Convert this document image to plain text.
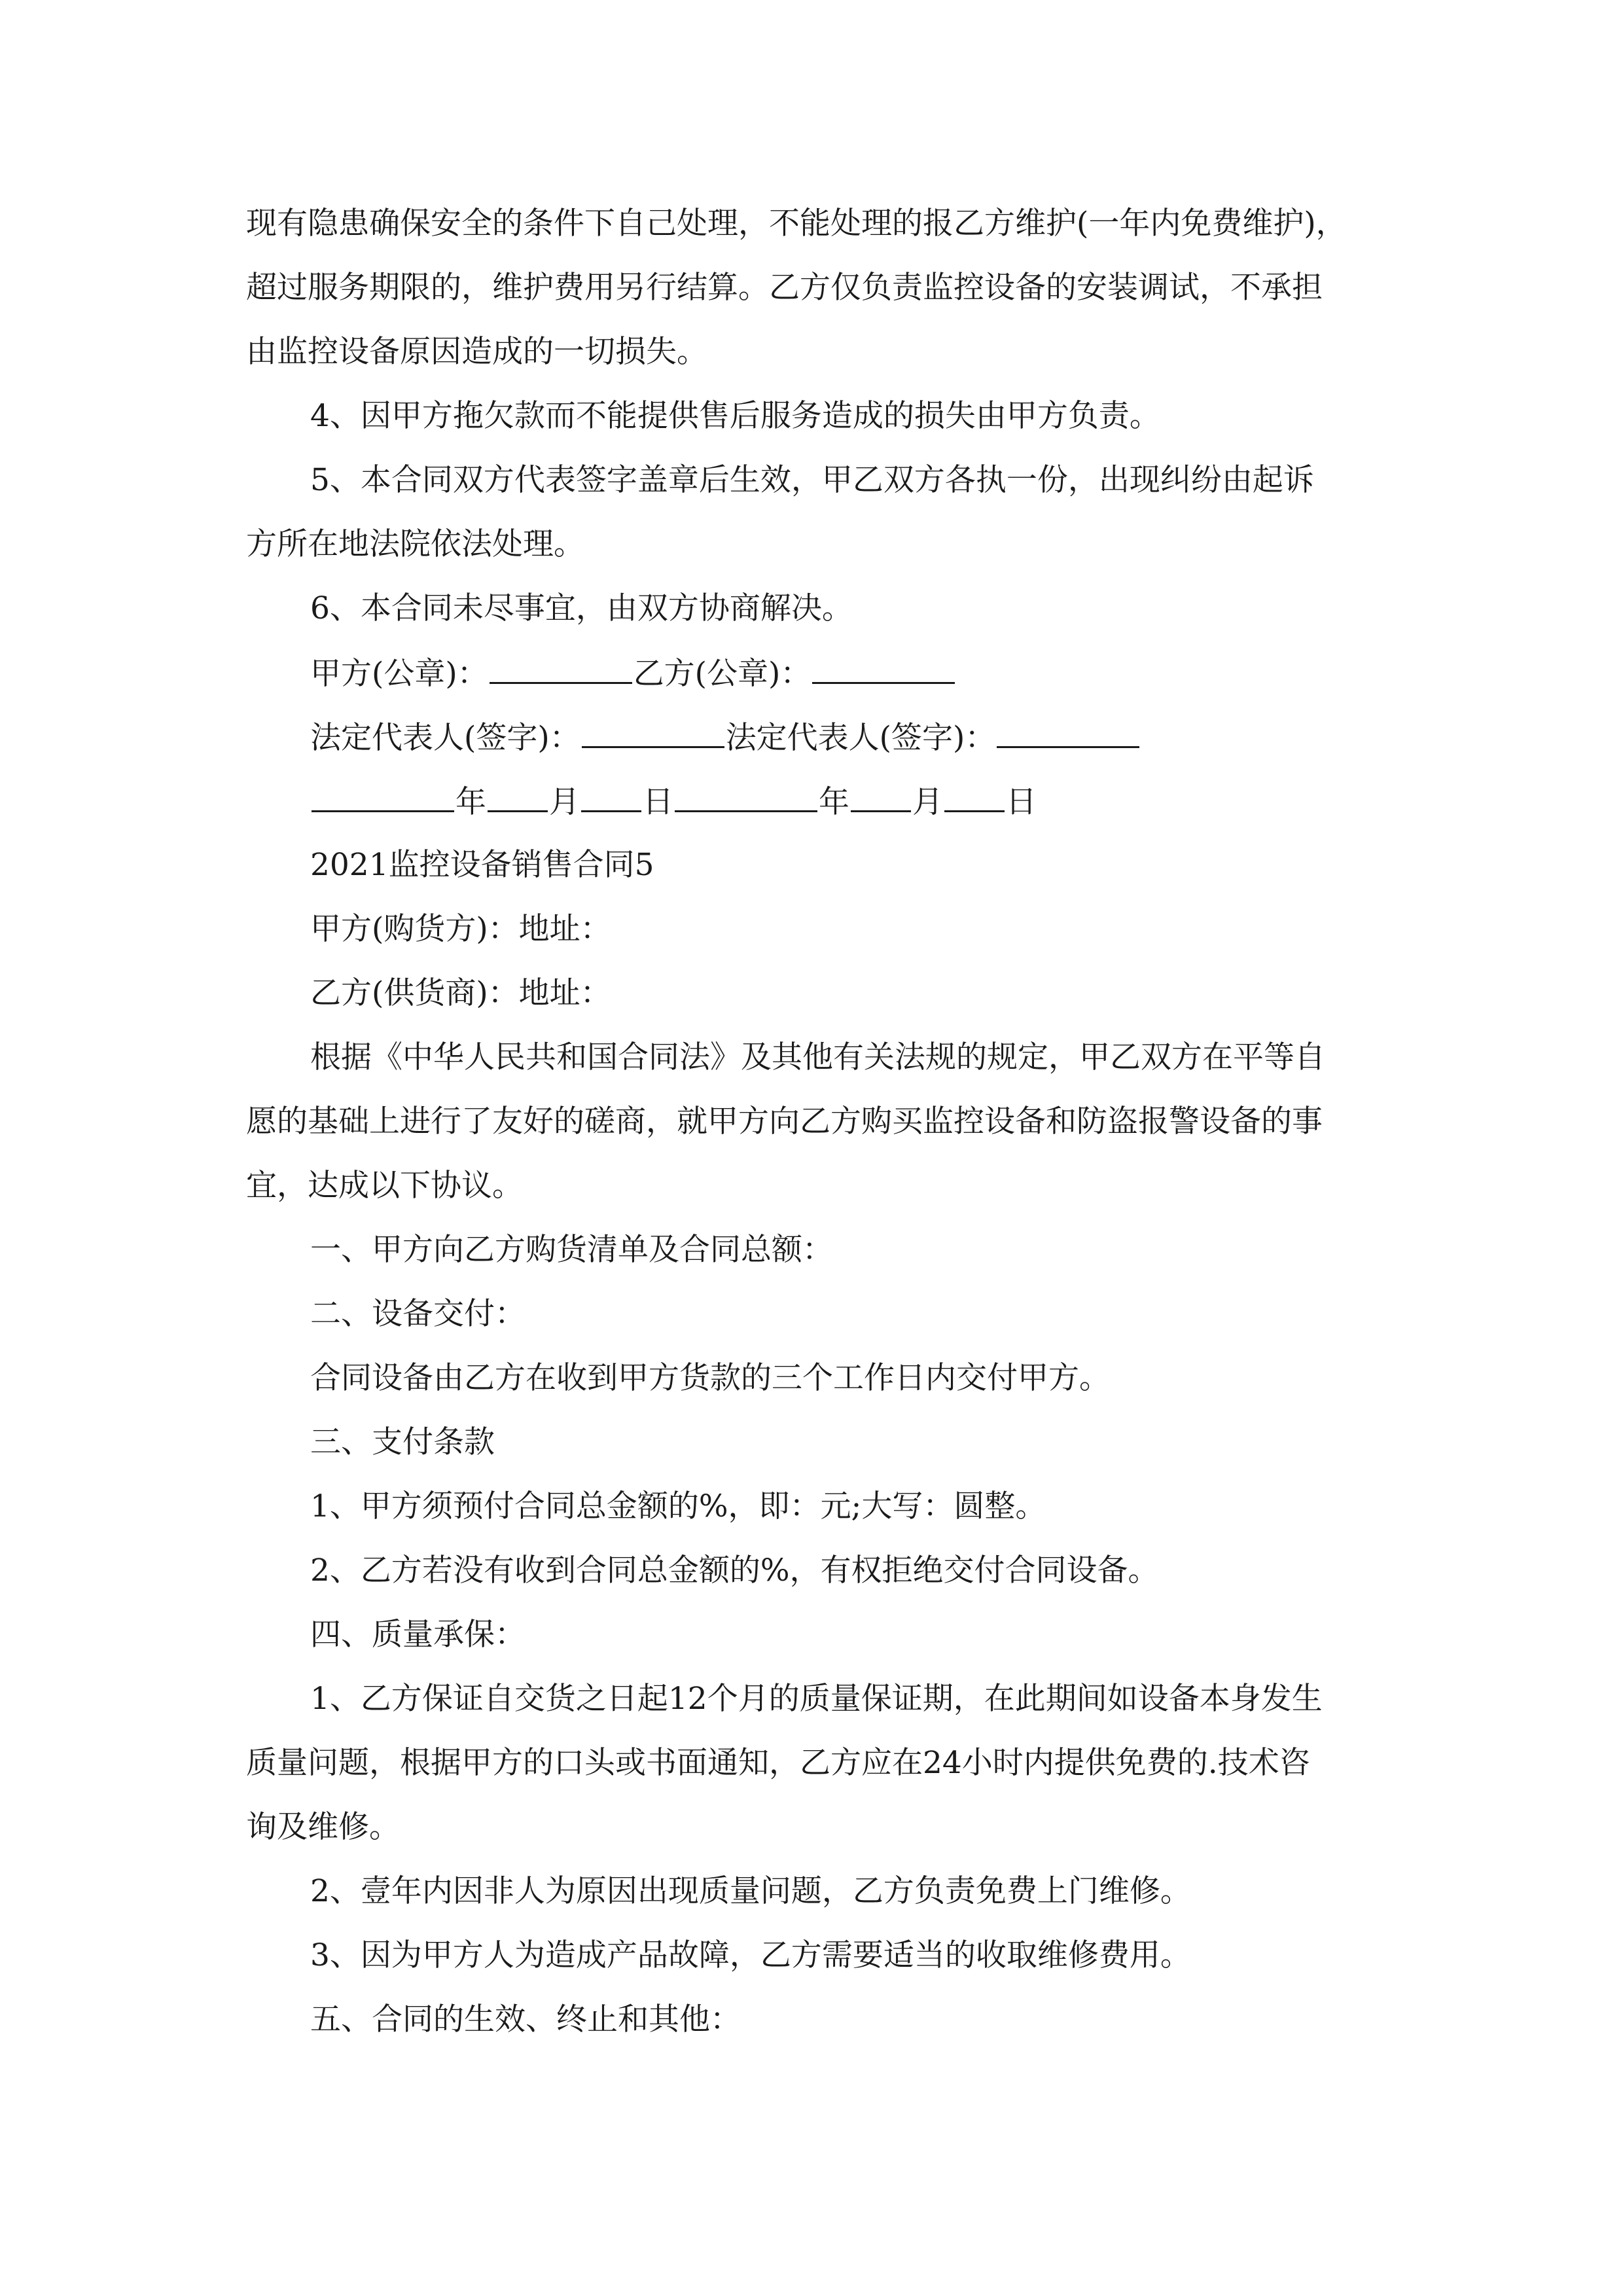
现有隐患确保安全的条件下自己处理，不能处理的报乙方维护(一年内免费维护)，
超过服务期限的，维护费用另行结算。乙方仅负责监控设备的安装调试，不承担
由监控设备原因造成的一切损失。
4、因甲方拖欠款而不能提供售后服务造成的损失由甲方负责。
5、本合同双方代表签字盖章后生效，甲乙双方各执一份，出现纠纷由起诉
方所在地法院依法处理。
6、本合同未尽事宜，由双方协商解决。
甲方(公章)：	乙方(公章)：
法定代表人(签字)：	法定代表人(签字)：
年 月 日	年 月 日
2021监控设备销售合同5
甲方(购货方)：地址：
乙方(供货商)：地址：
根据《中华人民共和国合同法》及其他有关法规的规定，甲乙双方在平等自
愿的基础上进行了友好的磋商，就甲方向乙方购买监控设备和防盗报警设备的事
宜，达成以下协议。
一、甲方向乙方购货清单及合同总额：
二、设备交付：
合同设备由乙方在收到甲方货款的三个工作日内交付甲方。
三、支付条款
1、甲方须预付合同总金额的%，即：元;大写：圆整。
2、乙方若没有收到合同总金额的%，有权拒绝交付合同设备。
四、质量承保：
1、乙方保证自交货之日起12个月的质量保证期，在此期间如设备本身发生
质量问题，根据甲方的口头或书面通知，乙方应在24小时内提供免费的.技术咨
询及维修。
2、壹年内因非人为原因出现质量问题，乙方负责免费上门维修。
3、因为甲方人为造成产品故障，乙方需要适当的收取维修费用。
五、合同的生效、终止和其他：
